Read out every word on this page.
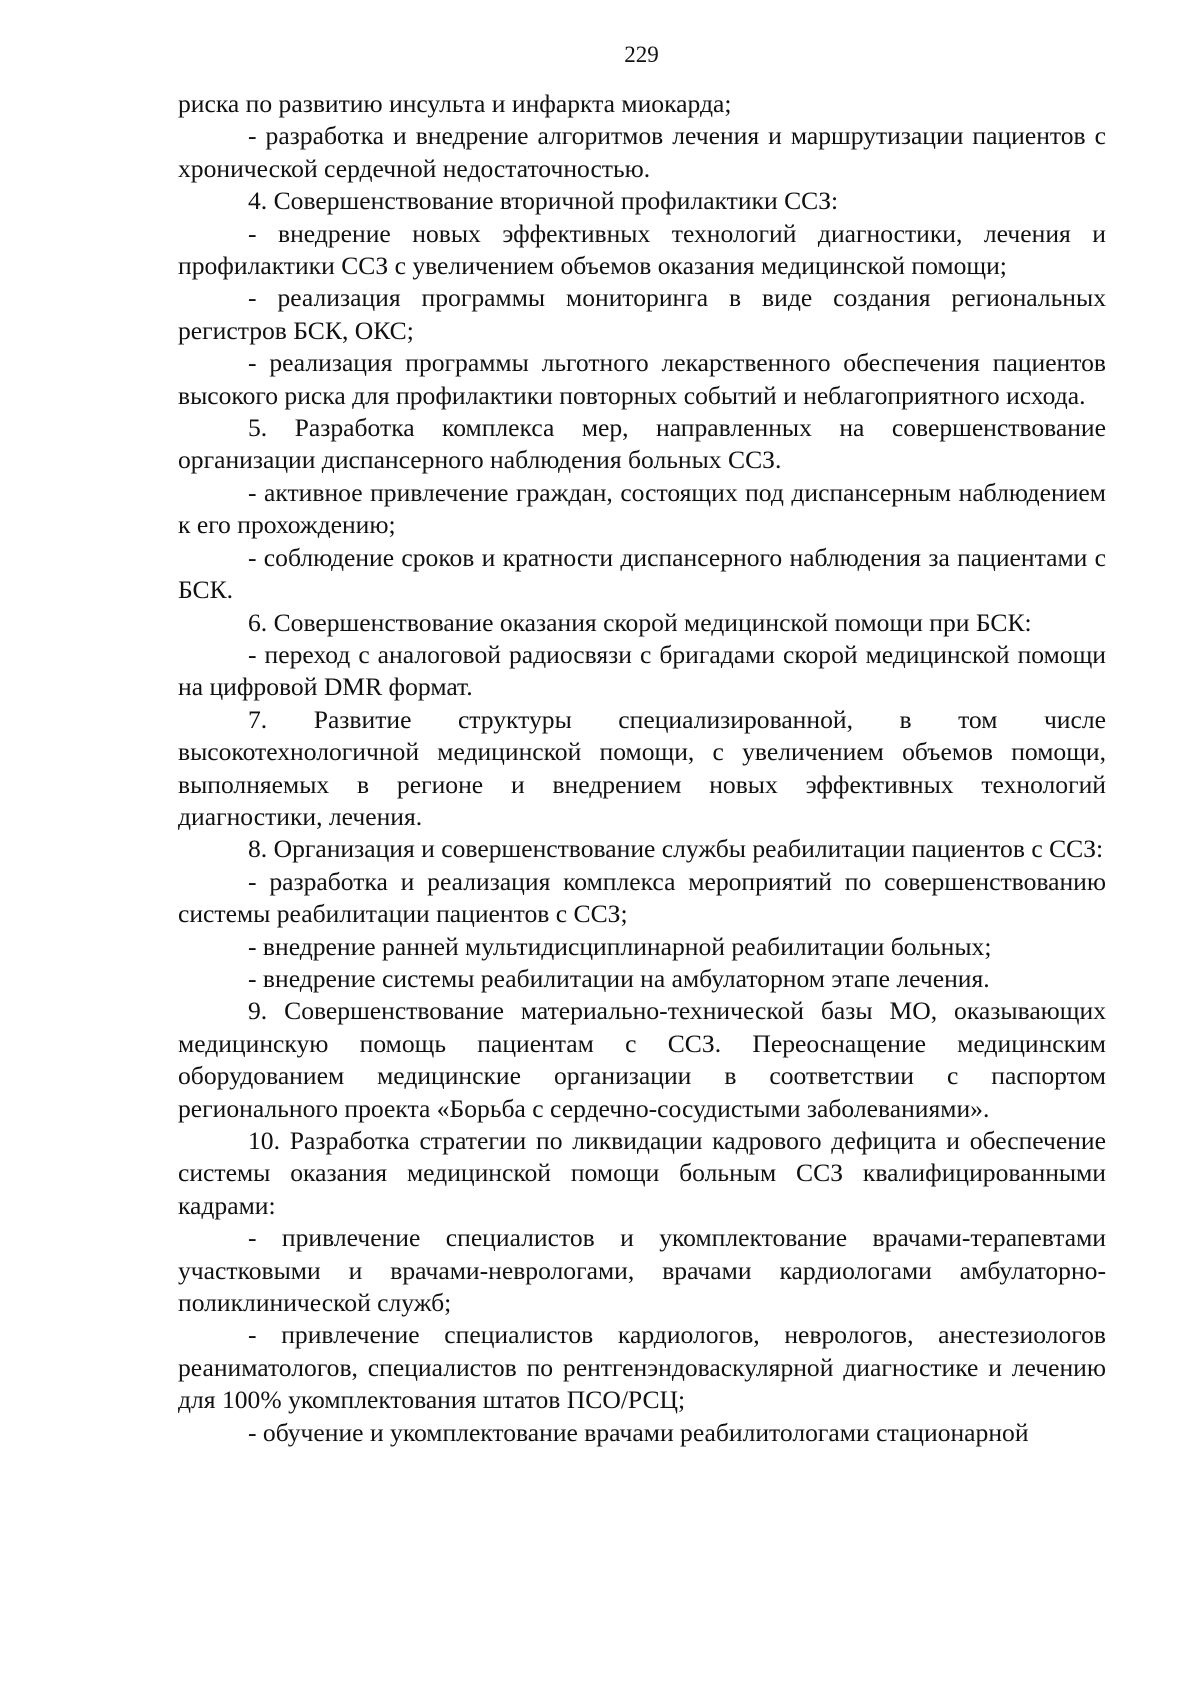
229

риска по развитию инсульта и инфаркта миокарда;

- разработка и внедрение алгоритмов лечения и маршрутизации пациентов с хронической сердечной недостаточностью.

4. Совершенствование вторичной профилактики ССЗ:

- внедрение новых эффективных технологий диагностики, лечения и профилактики ССЗ с увеличением объемов оказания медицинской помощи;

- реализация программы мониторинга в виде создания региональных регистров БСК, ОКС;

- реализация программы льготного лекарственного обеспечения пациентов высокого риска для профилактики повторных событий и неблагоприятного исхода.

5. Разработка комплекса мер, направленных на совершенствование организации диспансерного наблюдения больных ССЗ.

- активное привлечение граждан, состоящих под диспансерным наблюдением к его прохождению;

- соблюдение сроков и кратности диспансерного наблюдения за пациентами с БСК.

6. Совершенствование оказания скорой медицинской помощи при БСК:

- переход с аналоговой радиосвязи с бригадами скорой медицинской помощи на цифровой DMR формат.

7. Развитие структуры специализированной, в том числе высокотехнологичной медицинской помощи, с увеличением объемов помощи, выполняемых в регионе и внедрением новых эффективных технологий диагностики, лечения.

8. Организация и совершенствование службы реабилитации пациентов с ССЗ:

- разработка и реализация комплекса мероприятий по совершенствованию системы реабилитации пациентов с ССЗ;

- внедрение ранней мультидисциплинарной реабилитации больных;

- внедрение системы реабилитации на амбулаторном этапе лечения.

9. Совершенствование материально-технической базы МО, оказывающих медицинскую помощь пациентам с ССЗ. Переоснащение медицинским оборудованием медицинские организации в соответствии с паспортом регионального проекта «Борьба с сердечно-сосудистыми заболеваниями».

10. Разработка стратегии по ликвидации кадрового дефицита и обеспечение системы оказания медицинской помощи больным ССЗ квалифицированными кадрами:

- привлечение специалистов и укомплектование врачами-терапевтами участковыми и врачами-неврологами, врачами кардиологами амбулаторно-поликлинической служб;

- привлечение специалистов кардиологов, неврологов, анестезиологов реаниматологов, специалистов по рентгенэндоваскулярной диагностике и лечению для 100% укомплектования штатов ПСО/РСЦ;

- обучение и укомплектование врачами реабилитологами стационарной
